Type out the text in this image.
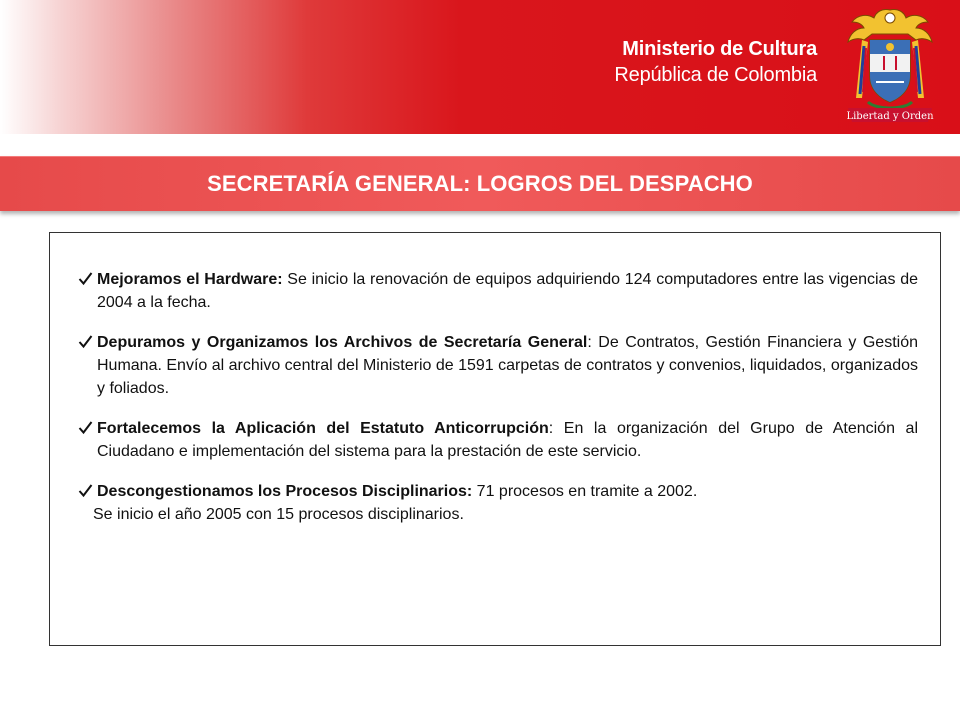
Ministerio de Cultura
República de Colombia
Libertad y Orden
SECRETARÍA GENERAL: LOGROS DEL DESPACHO
Mejoramos el Hardware: Se inicio la renovación de equipos adquiriendo 124 computadores entre las vigencias de 2004 a la fecha.
Depuramos y Organizamos los Archivos de Secretaría General: De Contratos, Gestión Financiera y Gestión Humana. Envío al archivo central del Ministerio de 1591 carpetas de contratos y convenios, liquidados, organizados y foliados.
Fortalecemos la Aplicación del Estatuto Anticorrupción: En la organización del Grupo de Atención al Ciudadano e implementación del sistema para la prestación de este servicio.
Descongestionamos los Procesos Disciplinarios: 71 procesos en tramite a 2002.
Se inicio el año 2005 con 15 procesos disciplinarios.
